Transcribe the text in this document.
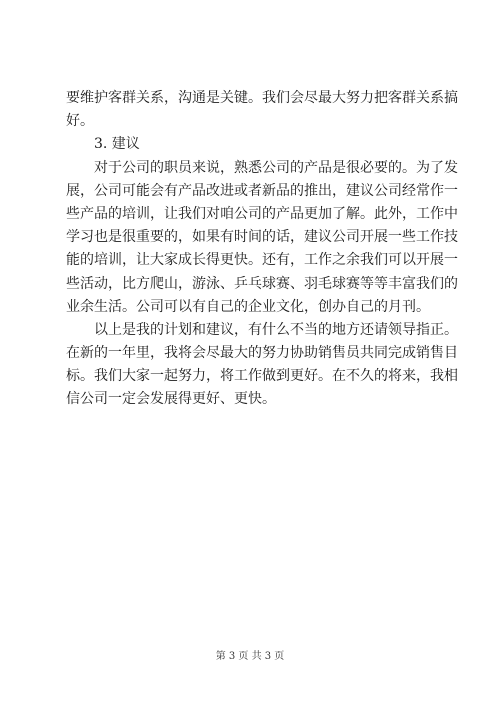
要维护客群关系，沟通是关键。我们会尽最大努力把客群关系搞
好。
3. 建议
对于公司的职员来说，熟悉公司的产品是很必要的。为了发
展，公司可能会有产品改进或者新品的推出，建议公司经常作一
些产品的培训，让我们对咱公司的产品更加了解。此外，工作中
学习也是很重要的，如果有时间的话，建议公司开展一些工作技
能的培训，让大家成长得更快。还有，工作之余我们可以开展一
些活动，比方爬山，游泳、乒乓球赛、羽毛球赛等等丰富我们的
业余生活。公司可以有自己的企业文化，创办自己的月刊。
以上是我的计划和建议，有什么不当的地方还请领导指正。
在新的一年里，我将会尽最大的努力协助销售员共同完成销售目
标。我们大家一起努力，将工作做到更好。在不久的将来，我相
信公司一定会发展得更好、更快。
第 3 页 共 3 页
